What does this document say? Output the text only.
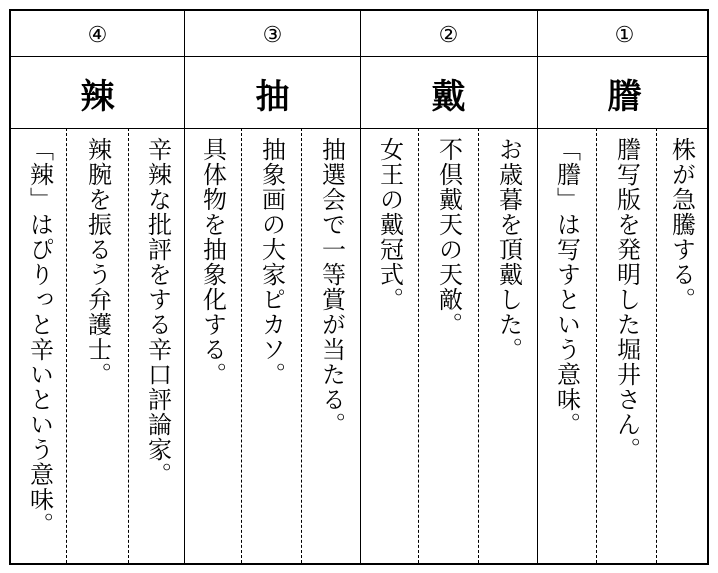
④
辣
「辣」はぴりっと辛いという意味。 辣腕を振るう弁護士。 辛辣な批評をする辛口評論家。
③
抽
具体物を抽象化する。 抽象画の大家ピカソ。 抽選会で一等賞が当たる。
②
戴
女王の戴冠式。 不倶戴天の天敵。 お歳暮を頂戴した。
①
謄
「謄」は写すという意味。 謄写版を発明した堀井さん。 株が急騰する。
